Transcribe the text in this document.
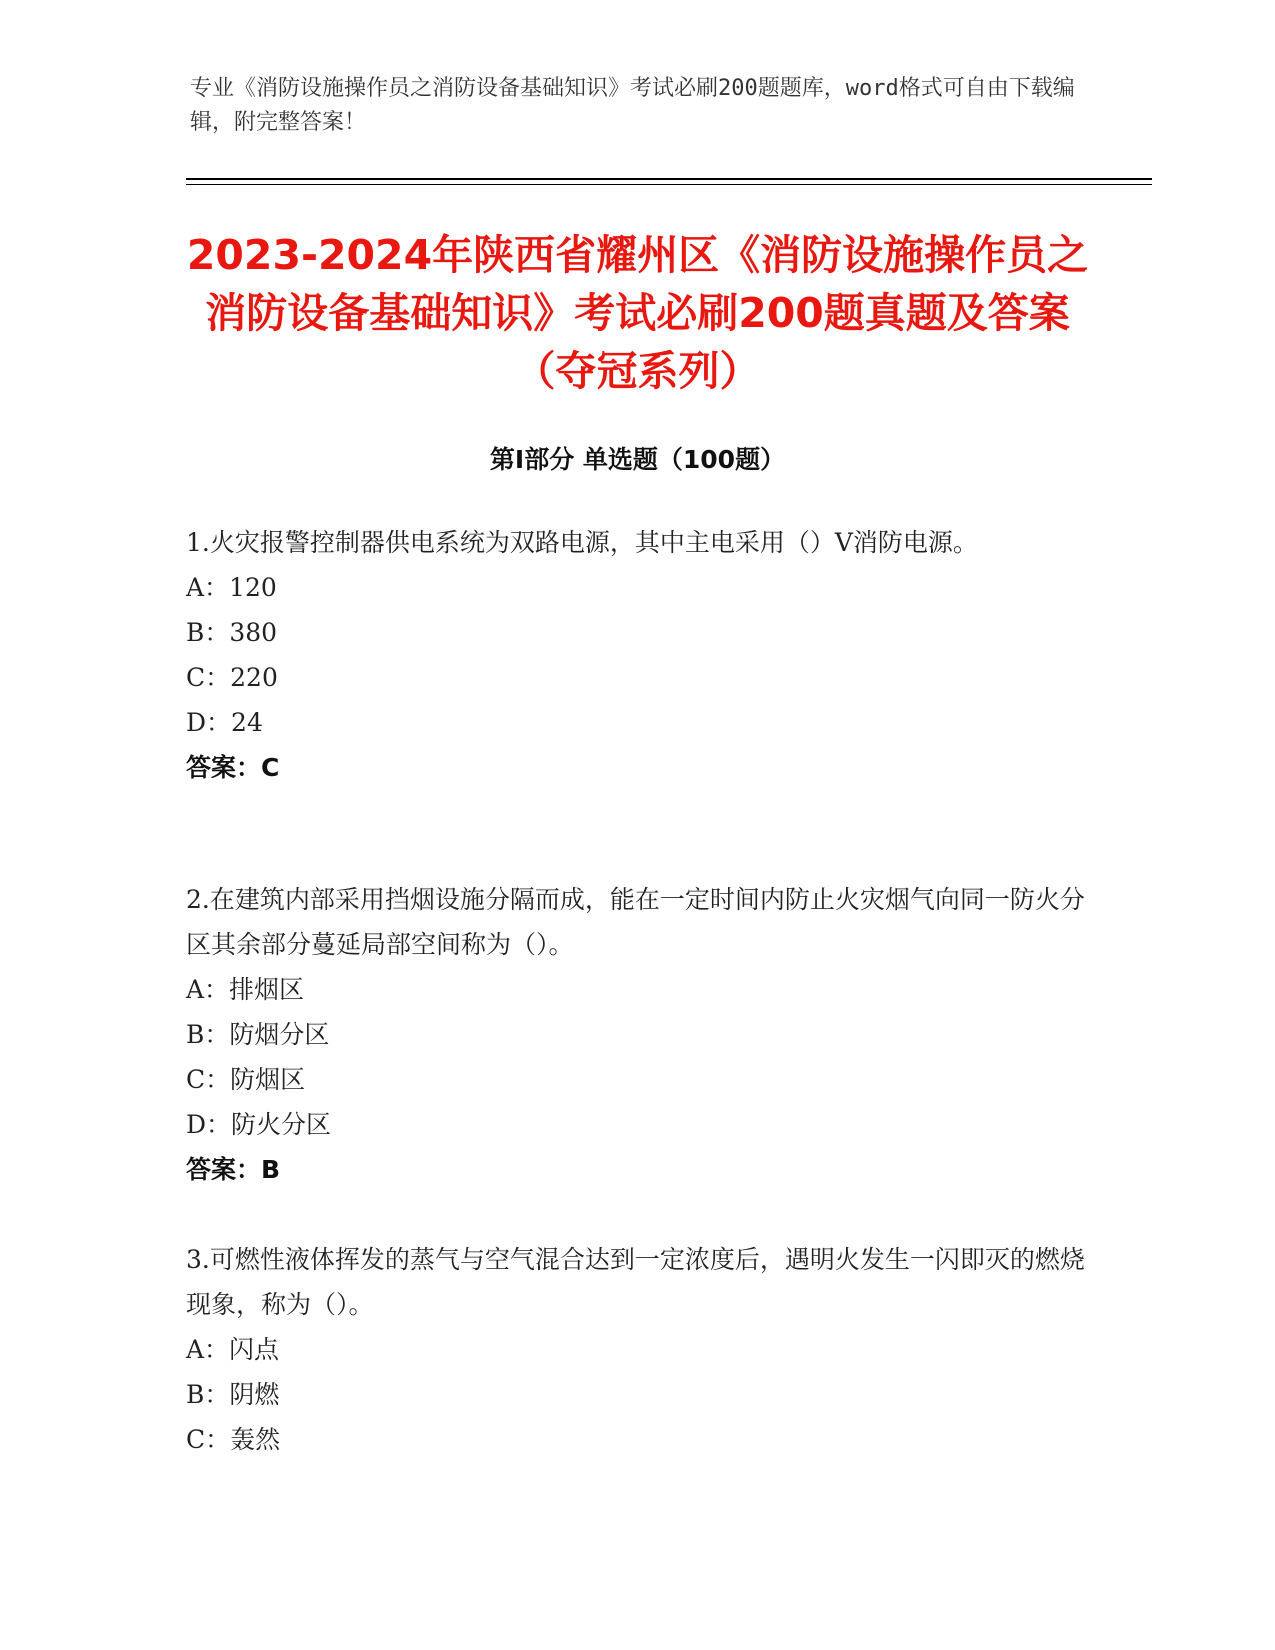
专业《消防设施操作员之消防设备基础知识》考试必刷200题题库，word格式可自由下载编辑，附完整答案！
2023-2024年陕西省耀州区《消防设施操作员之消防设备基础知识》考试必刷200题真题及答案（夺冠系列）
第Ⅰ部分 单选题（100题）

1.火灾报警控制器供电系统为双路电源，其中主电采用（）V消防电源。

A：120

B：380

C：220

D：24

答案：C

2.在建筑内部采用挡烟设施分隔而成，能在一定时间内防止火灾烟气向同一防火分区其余部分蔓延局部空间称为（）。

A：排烟区

B：防烟分区

C：防烟区

D：防火分区

答案：B

3.可燃性液体挥发的蒸气与空气混合达到一定浓度后，遇明火发生一闪即灭的燃烧现象，称为（）。

A：闪点

B：阴燃

C：轰然
